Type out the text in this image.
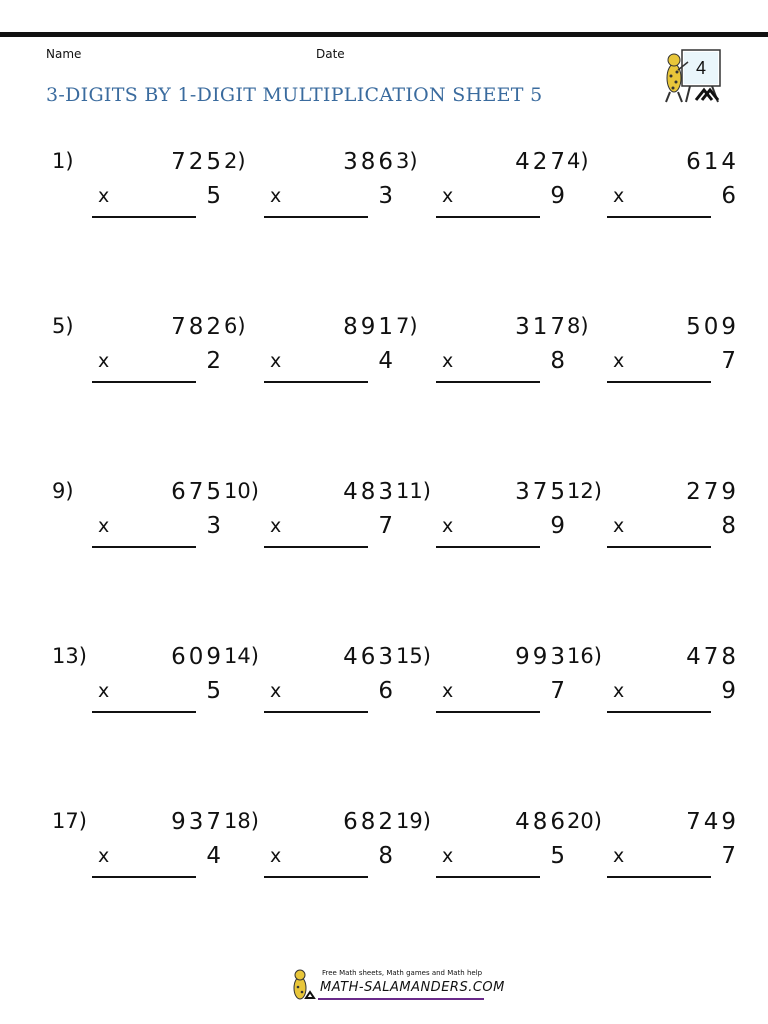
Name	Date
3-DIGITS BY 1-DIGIT MULTIPLICATION SHEET 5
4
1)	725
x	5
2)	386
x	3
3)	427
x	9
4)	614
x	6
5)	782
x	2
6)	891
x	4
7)	317
x	8
8)	509
x	7
9)	675
x	3
10)	483
x	7
11)	375
x	9
12)	279
x	8
13)	609
x	5
14)	463
x	6
15)	993
x	7
16)	478
x	9
17)	937
x	4
18)	682
x	8
19)	486
x	5
20)	749
x	7
Free Math sheets, Math games and Math help
MATH-SALAMANDERS.COM
